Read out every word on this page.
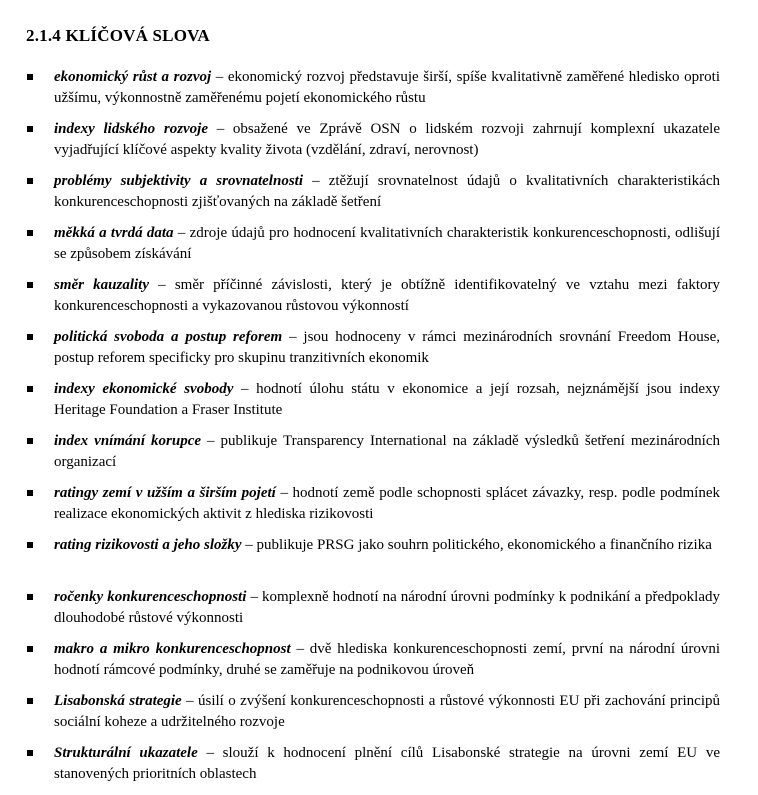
2.1.4 KLÍČOVÁ SLOVA
ekonomický růst a rozvoj – ekonomický rozvoj představuje širší, spíše kvalitativně zaměřené hledisko oproti užšímu, výkonnostně zaměřenému pojetí ekonomického růstu
indexy lidského rozvoje – obsažené ve Zprávě OSN o lidském rozvoji zahrnují komplexní ukazatele vyjadřující klíčové aspekty kvality života (vzdělání, zdraví, nerovnost)
problémy subjektivity a srovnatelnosti – ztěžují srovnatelnost údajů o kvalitativních charakteristikách konkurenceschopnosti zjišťovaných na základě šetření
měkká a tvrdá data – zdroje údajů pro hodnocení kvalitativních charakteristik konkurenceschopnosti, odlišují se způsobem získávání
směr kauzality – směr příčinné závislosti, který je obtížně identifikovatelný ve vztahu mezi faktory konkurenceschopnosti a vykazovanou růstovou výkonností
politická svoboda a postup reforem – jsou hodnoceny v rámci mezinárodních srovnání Freedom House, postup reforem specificky pro skupinu tranzitivních ekonomik
indexy ekonomické svobody – hodnotí úlohu státu v ekonomice a její rozsah, nejznámější jsou indexy Heritage Foundation a Fraser Institute
index vnímání korupce – publikuje Transparency International na základě výsledků šetření mezinárodních organizací
ratingy zemí v užším a širším pojetí – hodnotí země podle schopnosti splácet závazky, resp. podle podmínek realizace ekonomických aktivit z hlediska rizikovosti
rating rizikovosti a jeho složky – publikuje PRSG jako souhrn politického, ekonomického a finančního rizika
ročenky konkurenceschopnosti – komplexně hodnotí na národní úrovni podmínky k podnikání a předpoklady dlouhodobé růstové výkonnosti
makro a mikro konkurenceschopnost – dvě hlediska konkurenceschopnosti zemí, první na národní úrovni hodnotí rámcové podmínky, druhé se zaměřuje na podnikovou úroveň
Lisabonská strategie – úsilí o zvýšení konkurenceschopnosti a růstové výkonnosti EU při zachování principů sociální koheze a udržitelného rozvoje
Strukturální ukazatele – slouží k hodnocení plnění cílů Lisabonské strategie na úrovni zemí EU ve stanovených prioritních oblastech
